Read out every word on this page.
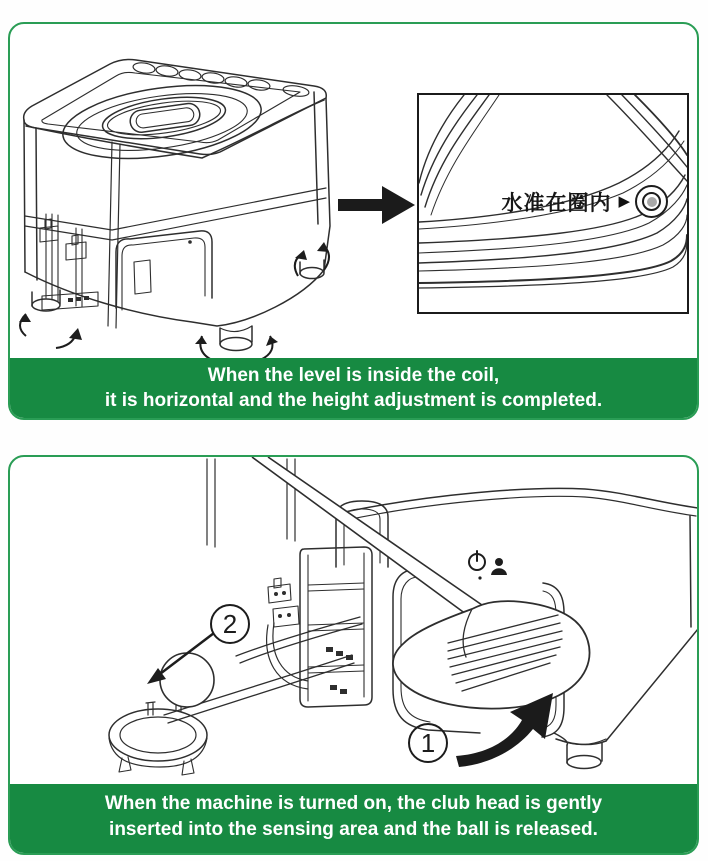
水准在圈内 ▶
When the level is inside the coil,
it is horizontal and the height adjustment is completed.
1
2
When the machine is turned on, the club head is gently
inserted into the sensing area and the ball is released.
